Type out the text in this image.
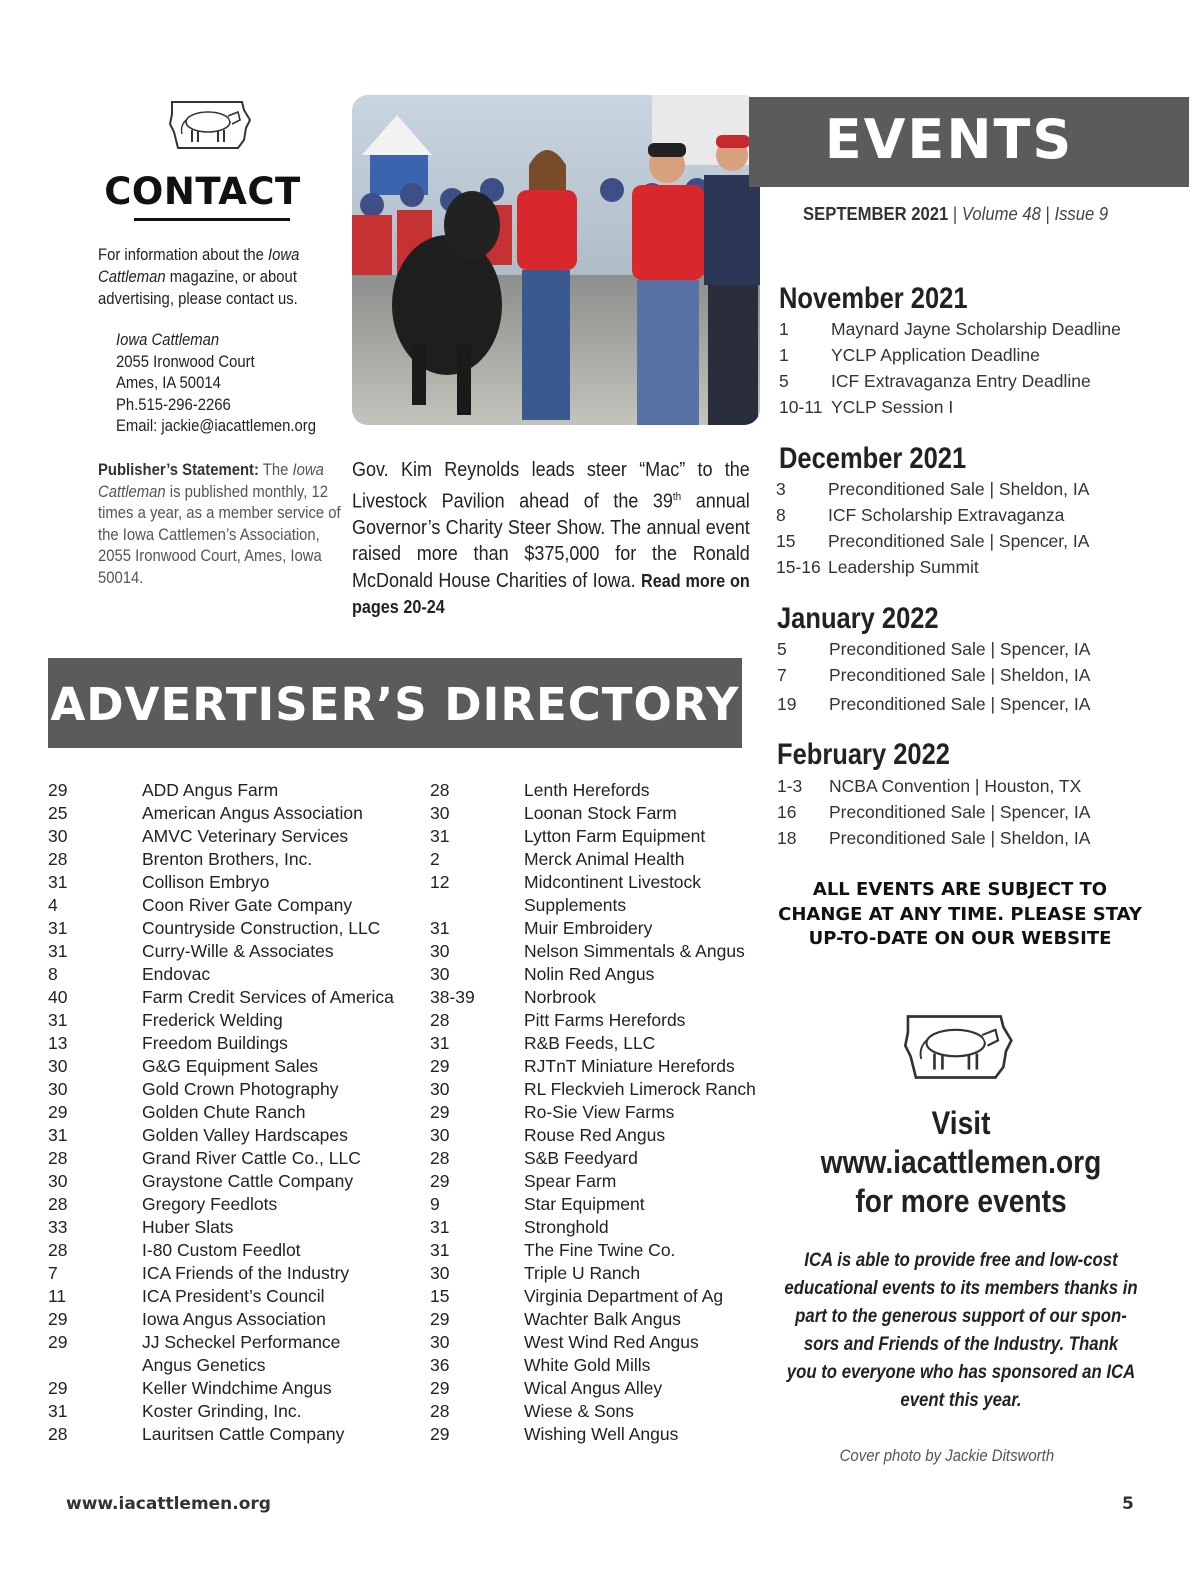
CONTACT
For information about the Iowa Cattleman magazine, or about advertising, please contact us.
Iowa Cattleman
2055 Ironwood Court
Ames, IA 50014
Ph.515-296-2266
Email: jackie@iacattlemen.org
Publisher’s Statement: The Iowa Cattleman is published monthly, 12 times a year, as a member service of the Iowa Cattlemen’s Association, 2055 Ironwood Court, Ames, Iowa 50014.
Gov. Kim Reynolds leads steer “Mac” to the Livestock Pavilion ahead of the 39th annual Governor’s Charity Steer Show. The annual event raised more than $375,000 for the Ronald McDonald House Charities of Iowa. Read more on pages 20-24
EVENTS
SEPTEMBER 2021 | Volume 48 | Issue 9
November 2021
1 Maynard Jayne Scholarship Deadline
1 YCLP Application Deadline
5 ICF Extravaganza Entry Deadline
10-11 YCLP Session I
December 2021
3 Preconditioned Sale | Sheldon, IA
8 ICF Scholarship Extravaganza
15 Preconditioned Sale | Spencer, IA
15-16 Leadership Summit
January 2022
5 Preconditioned Sale | Spencer, IA
7 Preconditioned Sale | Sheldon, IA
19 Preconditioned Sale | Spencer, IA
February 2022
1-3 NCBA Convention | Houston, TX
16 Preconditioned Sale | Spencer, IA
18 Preconditioned Sale | Sheldon, IA
ALL EVENTS ARE SUBJECT TO
CHANGE AT ANY TIME. PLEASE STAY
UP-TO-DATE ON OUR WEBSITE
Visit
www.iacattlemen.org
for more events
ICA is able to provide free and low-cost
educational events to its members thanks in
part to the generous support of our spon-
sors and Friends of the Industry. Thank
you to everyone who has sponsored an ICA
event this year.
Cover photo by Jackie Ditsworth
ADVERTISER’S DIRECTORY
29	ADD Angus Farm
25	American Angus Association
30	AMVC Veterinary Services
28	Brenton Brothers, Inc.
31	Collison Embryo
4	Coon River Gate Company
31	Countryside Construction, LLC
31	Curry-Wille & Associates
8	Endovac
40	Farm Credit Services of America
31	Frederick Welding
13	Freedom Buildings
30	G&G Equipment Sales
30	Gold Crown Photography
29	Golden Chute Ranch
31	Golden Valley Hardscapes
28	Grand River Cattle Co., LLC
30	Graystone Cattle Company
28	Gregory Feedlots
33	Huber Slats
28	I-80 Custom Feedlot
7	ICA Friends of the Industry
11	ICA President’s Council
29	Iowa Angus Association
29	JJ Scheckel Performance
Angus Genetics
29	Keller Windchime Angus
31	Koster Grinding, Inc.
28	Lauritsen Cattle Company
28	Lenth Herefords
30	Loonan Stock Farm
31	Lytton Farm Equipment
2	Merck Animal Health
12	Midcontinent Livestock
Supplements
31	Muir Embroidery
30	Nelson Simmentals & Angus
30	Nolin Red Angus
38-39	Norbrook
28	Pitt Farms Herefords
31	R&B Feeds, LLC
29	RJTnT Miniature Herefords
30	RL Fleckvieh Limerock Ranch
29	Ro-Sie View Farms
30	Rouse Red Angus
28	S&B Feedyard
29	Spear Farm
9	Star Equipment
31	Stronghold
31	The Fine Twine Co.
30	Triple U Ranch
15	Virginia Department of Ag
29	Wachter Balk Angus
30	West Wind Red Angus
36	White Gold Mills
29	Wical Angus Alley
28	Wiese & Sons
29	Wishing Well Angus
www.iacattlemen.org	5
